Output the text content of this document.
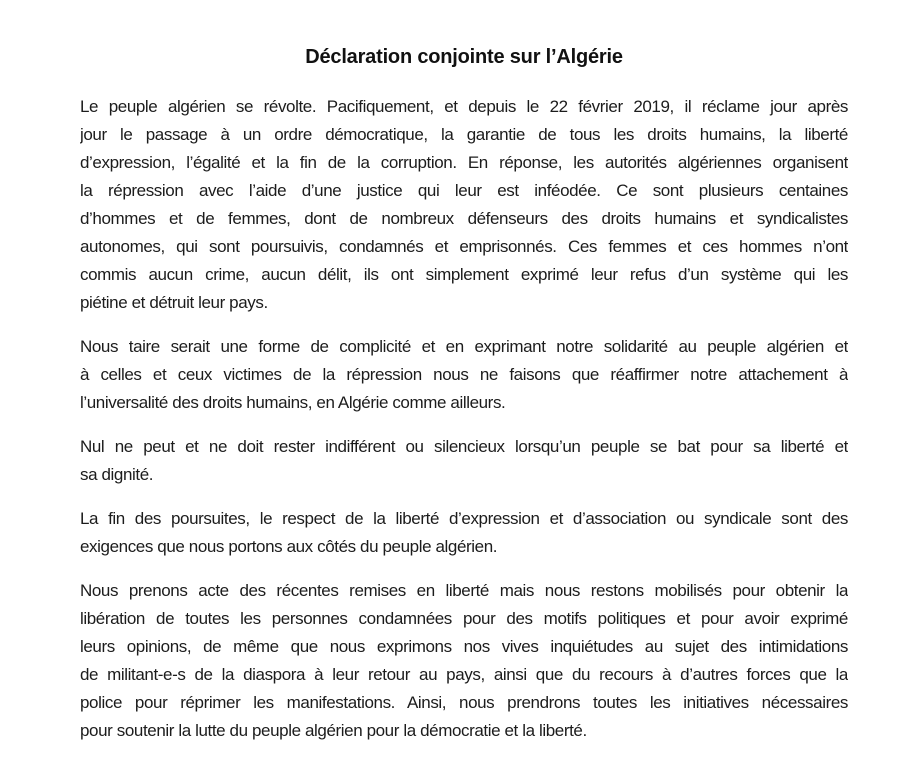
Déclaration conjointe sur l’Algérie
Le peuple algérien se révolte. Pacifiquement, et depuis le 22 février 2019, il réclame jour après
jour le passage à un ordre démocratique, la garantie de tous les droits humains, la liberté
d’expression, l’égalité et la fin de la corruption. En réponse, les autorités algériennes organisent
la répression avec l’aide d’une justice qui leur est inféodée. Ce sont plusieurs centaines
d’hommes et de femmes, dont de nombreux défenseurs des droits humains et syndicalistes
autonomes, qui sont poursuivis, condamnés et emprisonnés. Ces femmes et ces hommes n’ont
commis aucun crime, aucun délit, ils ont simplement exprimé leur refus d’un système qui les
piétine et détruit leur pays.
Nous taire serait une forme de complicité et en exprimant notre solidarité au peuple algérien et
à celles et ceux victimes de la répression nous ne faisons que réaffirmer notre attachement à
l’universalité des droits humains, en Algérie comme ailleurs.
Nul ne peut et ne doit rester indifférent ou silencieux lorsqu’un peuple se bat pour sa liberté et
sa dignité.
La fin des poursuites, le respect de la liberté d’expression et d’association ou syndicale sont des
exigences que nous portons aux côtés du peuple algérien.
Nous prenons acte des récentes remises en liberté mais nous restons mobilisés pour obtenir la
libération de toutes les personnes condamnées pour des motifs politiques et pour avoir exprimé
leurs opinions, de même que nous exprimons nos vives inquiétudes au sujet des intimidations
de militant-e-s de la diaspora à leur retour au pays, ainsi que du recours à d’autres forces que la
police pour réprimer les manifestations. Ainsi, nous prendrons toutes les initiatives nécessaires
pour soutenir la lutte du peuple algérien pour la démocratie et la liberté.
